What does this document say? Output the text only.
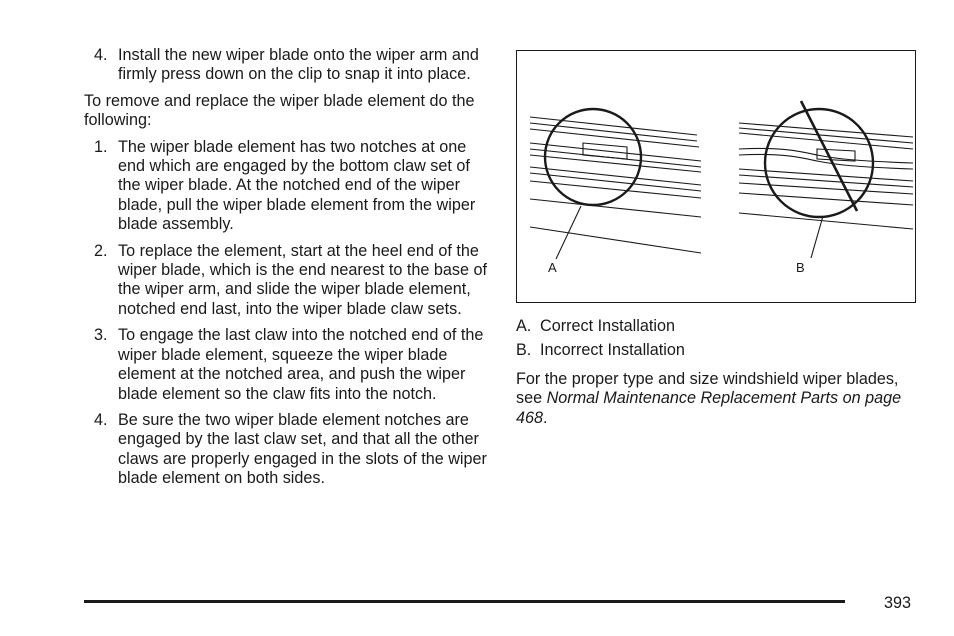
4. Install the new wiper blade onto the wiper arm and firmly press down on the clip to snap it into place.

To remove and replace the wiper blade element do the following:

1. The wiper blade element has two notches at one end which are engaged by the bottom claw set of the wiper blade. At the notched end of the wiper blade, pull the wiper blade element from the wiper blade assembly.
2. To replace the element, start at the heel end of the wiper blade, which is the end nearest to the base of the wiper arm, and slide the wiper blade element, notched end last, into the wiper blade claw sets.
3. To engage the last claw into the notched end of the wiper blade element, squeeze the wiper blade element at the notched area, and push the wiper blade element so the claw fits into the notch.
4. Be sure the two wiper blade element notches are engaged by the last claw set, and that all the other claws are properly engaged in the slots of the wiper blade element on both sides.
A	B
A. Correct Installation
B. Incorrect Installation
For the proper type and size windshield wiper blades, see Normal Maintenance Replacement Parts on page 468.
393
